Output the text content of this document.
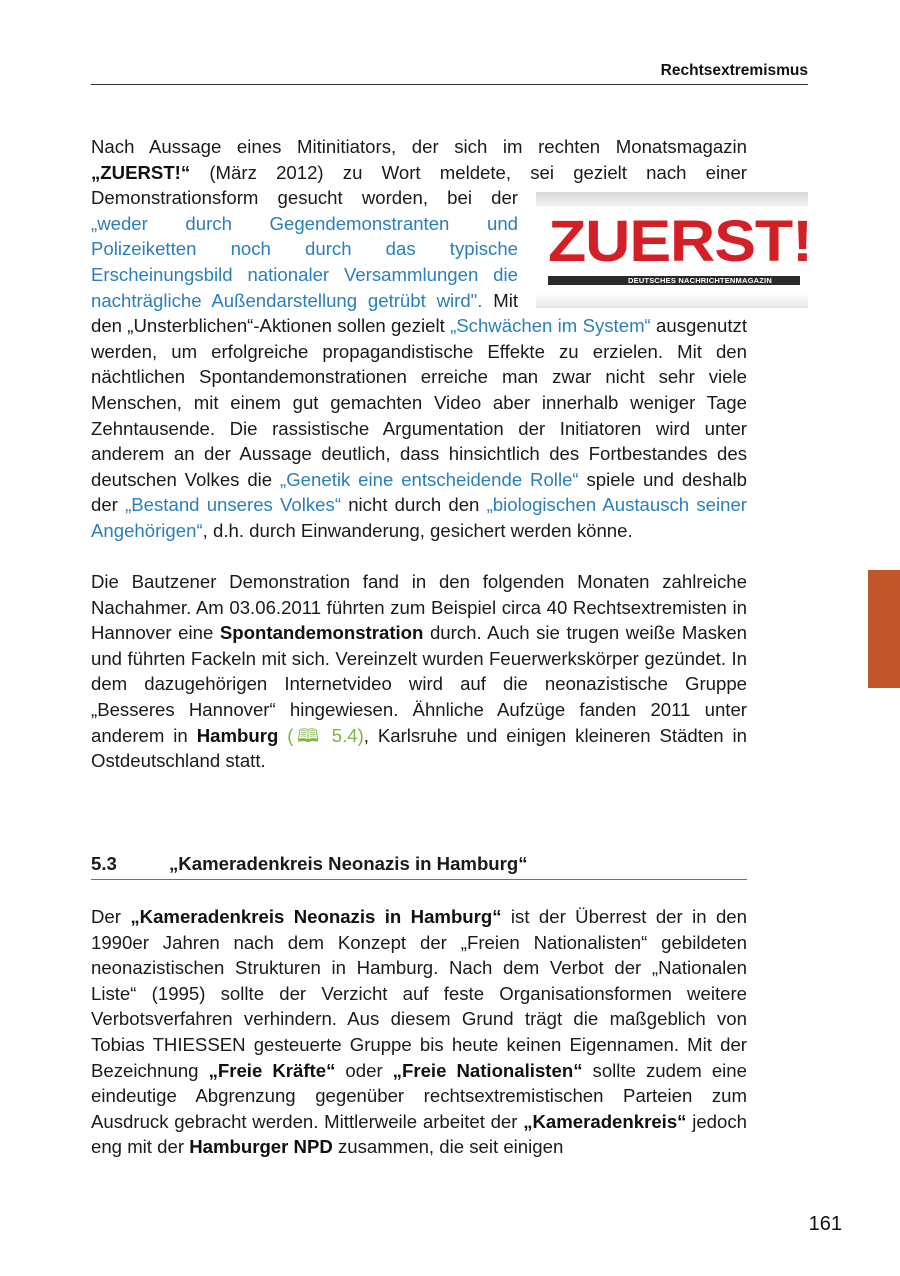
Rechtsextremismus

Nach Aussage eines Mitinitiators, der sich im rechten Monatsmagazin „ZUERST!“ (März 2012) zu Wort meldete, sei gezielt nach einer Demonstrationsform gesucht worden, bei der
ZUERST!
DEUTSCHES NACHRICHTENMAGAZIN
„weder durch Gegendemonstranten und Polizeiketten noch durch das typische Erscheinungsbild nationaler Versammlungen die nachträgliche Außendarstellung getrübt wird". Mit den „Unsterblichen“-Aktionen sollen gezielt „Schwächen im System“ ausgenutzt werden, um erfolgreiche propagandistische Effekte zu erzielen. Mit den nächtlichen Spontandemonstrationen erreiche man zwar nicht sehr viele Menschen, mit einem gut gemachten Video aber innerhalb weniger Tage Zehntausende. Die rassistische Argumentation der Initiatoren wird unter anderem an der Aussage deutlich, dass hinsichtlich des Fortbestandes des deutschen Volkes die „Genetik eine entscheidende Rolle“ spiele und deshalb der „Bestand unseres Volkes“ nicht durch den „biologischen Austausch seiner Angehörigen“, d.h. durch Einwanderung, gesichert werden könne.

Die Bautzener Demonstration fand in den folgenden Monaten zahlreiche Nachahmer. Am 03.06.2011 führten zum Beispiel circa 40 Rechtsextremisten in Hannover eine Spontandemonstration durch. Auch sie trugen weiße Masken und führten Fackeln mit sich. Vereinzelt wurden Feuerwerkskörper gezündet. In dem dazugehörigen Internetvideo wird auf die neonazistische Gruppe „Besseres Hannover“ hingewiesen. Ähnliche Aufzüge fanden 2011 unter anderem in Hamburg (🕮 5.4), Karlsruhe und einigen kleineren Städten in Ostdeutschland statt.

5.3	„Kameradenkreis Neonazis in Hamburg“

Der „Kameradenkreis Neonazis in Hamburg“ ist der Überrest der in den 1990er Jahren nach dem Konzept der „Freien Nationalisten“ gebildeten neonazistischen Strukturen in Hamburg. Nach dem Verbot der „Nationalen Liste“ (1995) sollte der Verzicht auf feste Organisationsformen weitere Verbotsverfahren verhindern. Aus diesem Grund trägt die maßgeblich von Tobias THIESSEN gesteuerte Gruppe bis heute keinen Eigennamen. Mit der Bezeichnung „Freie Kräfte“ oder „Freie Nationalisten“ sollte zudem eine eindeutige Abgrenzung gegenüber rechtsextremistischen Parteien zum Ausdruck gebracht werden. Mittlerweile arbeitet der „Kameradenkreis“ jedoch eng mit der Hamburger NPD zusammen, die seit einigen

161
